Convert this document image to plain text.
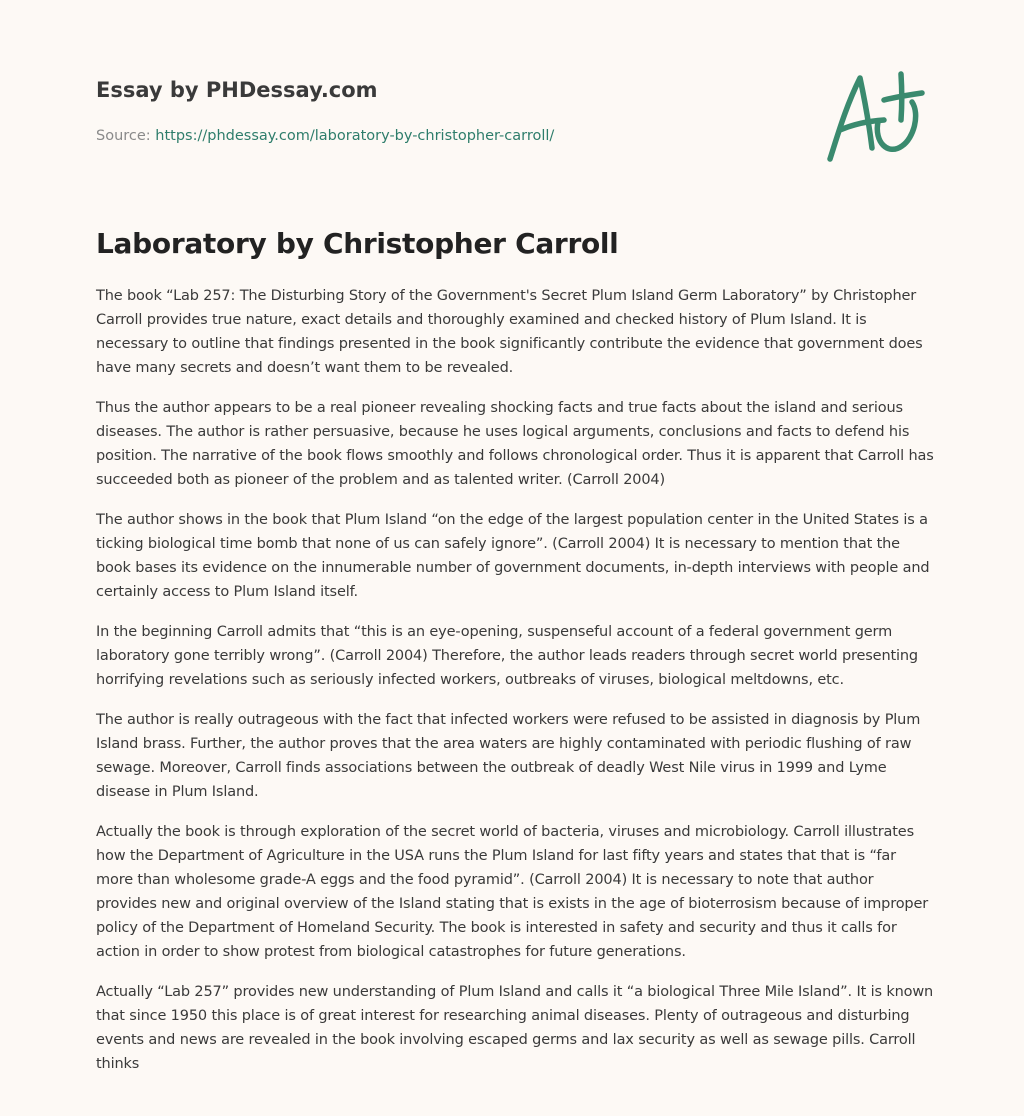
Essay by PHDessay.com
Source: https://phdessay.com/laboratory-by-christopher-carroll/
Laboratory by Christopher Carroll

The book “Lab 257: The Disturbing Story of the Government's Secret Plum Island Germ Laboratory” by Christopher Carroll provides true nature, exact details and thoroughly examined and checked history of Plum Island. It is necessary to outline that findings presented in the book significantly contribute the evidence that government does have many secrets and doesn’t want them to be revealed.

Thus the author appears to be a real pioneer revealing shocking facts and true facts about the island and serious diseases. The author is rather persuasive, because he uses logical arguments, conclusions and facts to defend his position. The narrative of the book flows smoothly and follows chronological order. Thus it is apparent that Carroll has succeeded both as pioneer of the problem and as talented writer. (Carroll 2004)

The author shows in the book that Plum Island “on the edge of the largest population center in the United States is a ticking biological time bomb that none of us can safely ignore”. (Carroll 2004) It is necessary to mention that the book bases its evidence on the innumerable number of government documents, in-depth interviews with people and certainly access to Plum Island itself.

In the beginning Carroll admits that “this is an eye-opening, suspenseful account of a federal government germ laboratory gone terribly wrong”. (Carroll 2004) Therefore, the author leads readers through secret world presenting horrifying revelations such as seriously infected workers, outbreaks of viruses, biological meltdowns, etc.

The author is really outrageous with the fact that infected workers were refused to be assisted in diagnosis by Plum Island brass. Further, the author proves that the area waters are highly contaminated with periodic flushing of raw sewage. Moreover, Carroll finds associations between the outbreak of deadly West Nile virus in 1999 and Lyme disease in Plum Island.

Actually the book is through exploration of the secret world of bacteria, viruses and microbiology. Carroll illustrates how the Department of Agriculture in the USA runs the Plum Island for last fifty years and states that that is “far more than wholesome grade-A eggs and the food pyramid”. (Carroll 2004) It is necessary to note that author provides new and original overview of the Island stating that is exists in the age of bioterrosism because of improper policy of the Department of Homeland Security. The book is interested in safety and security and thus it calls for action in order to show protest from biological catastrophes for future generations.

Actually “Lab 257” provides new understanding of Plum Island and calls it “a biological Three Mile Island”. It is known that since 1950 this place is of great interest for researching animal diseases. Plenty of outrageous and disturbing events and news are revealed in the book involving escaped germs and lax security as well as sewage pills. Carroll thinks
